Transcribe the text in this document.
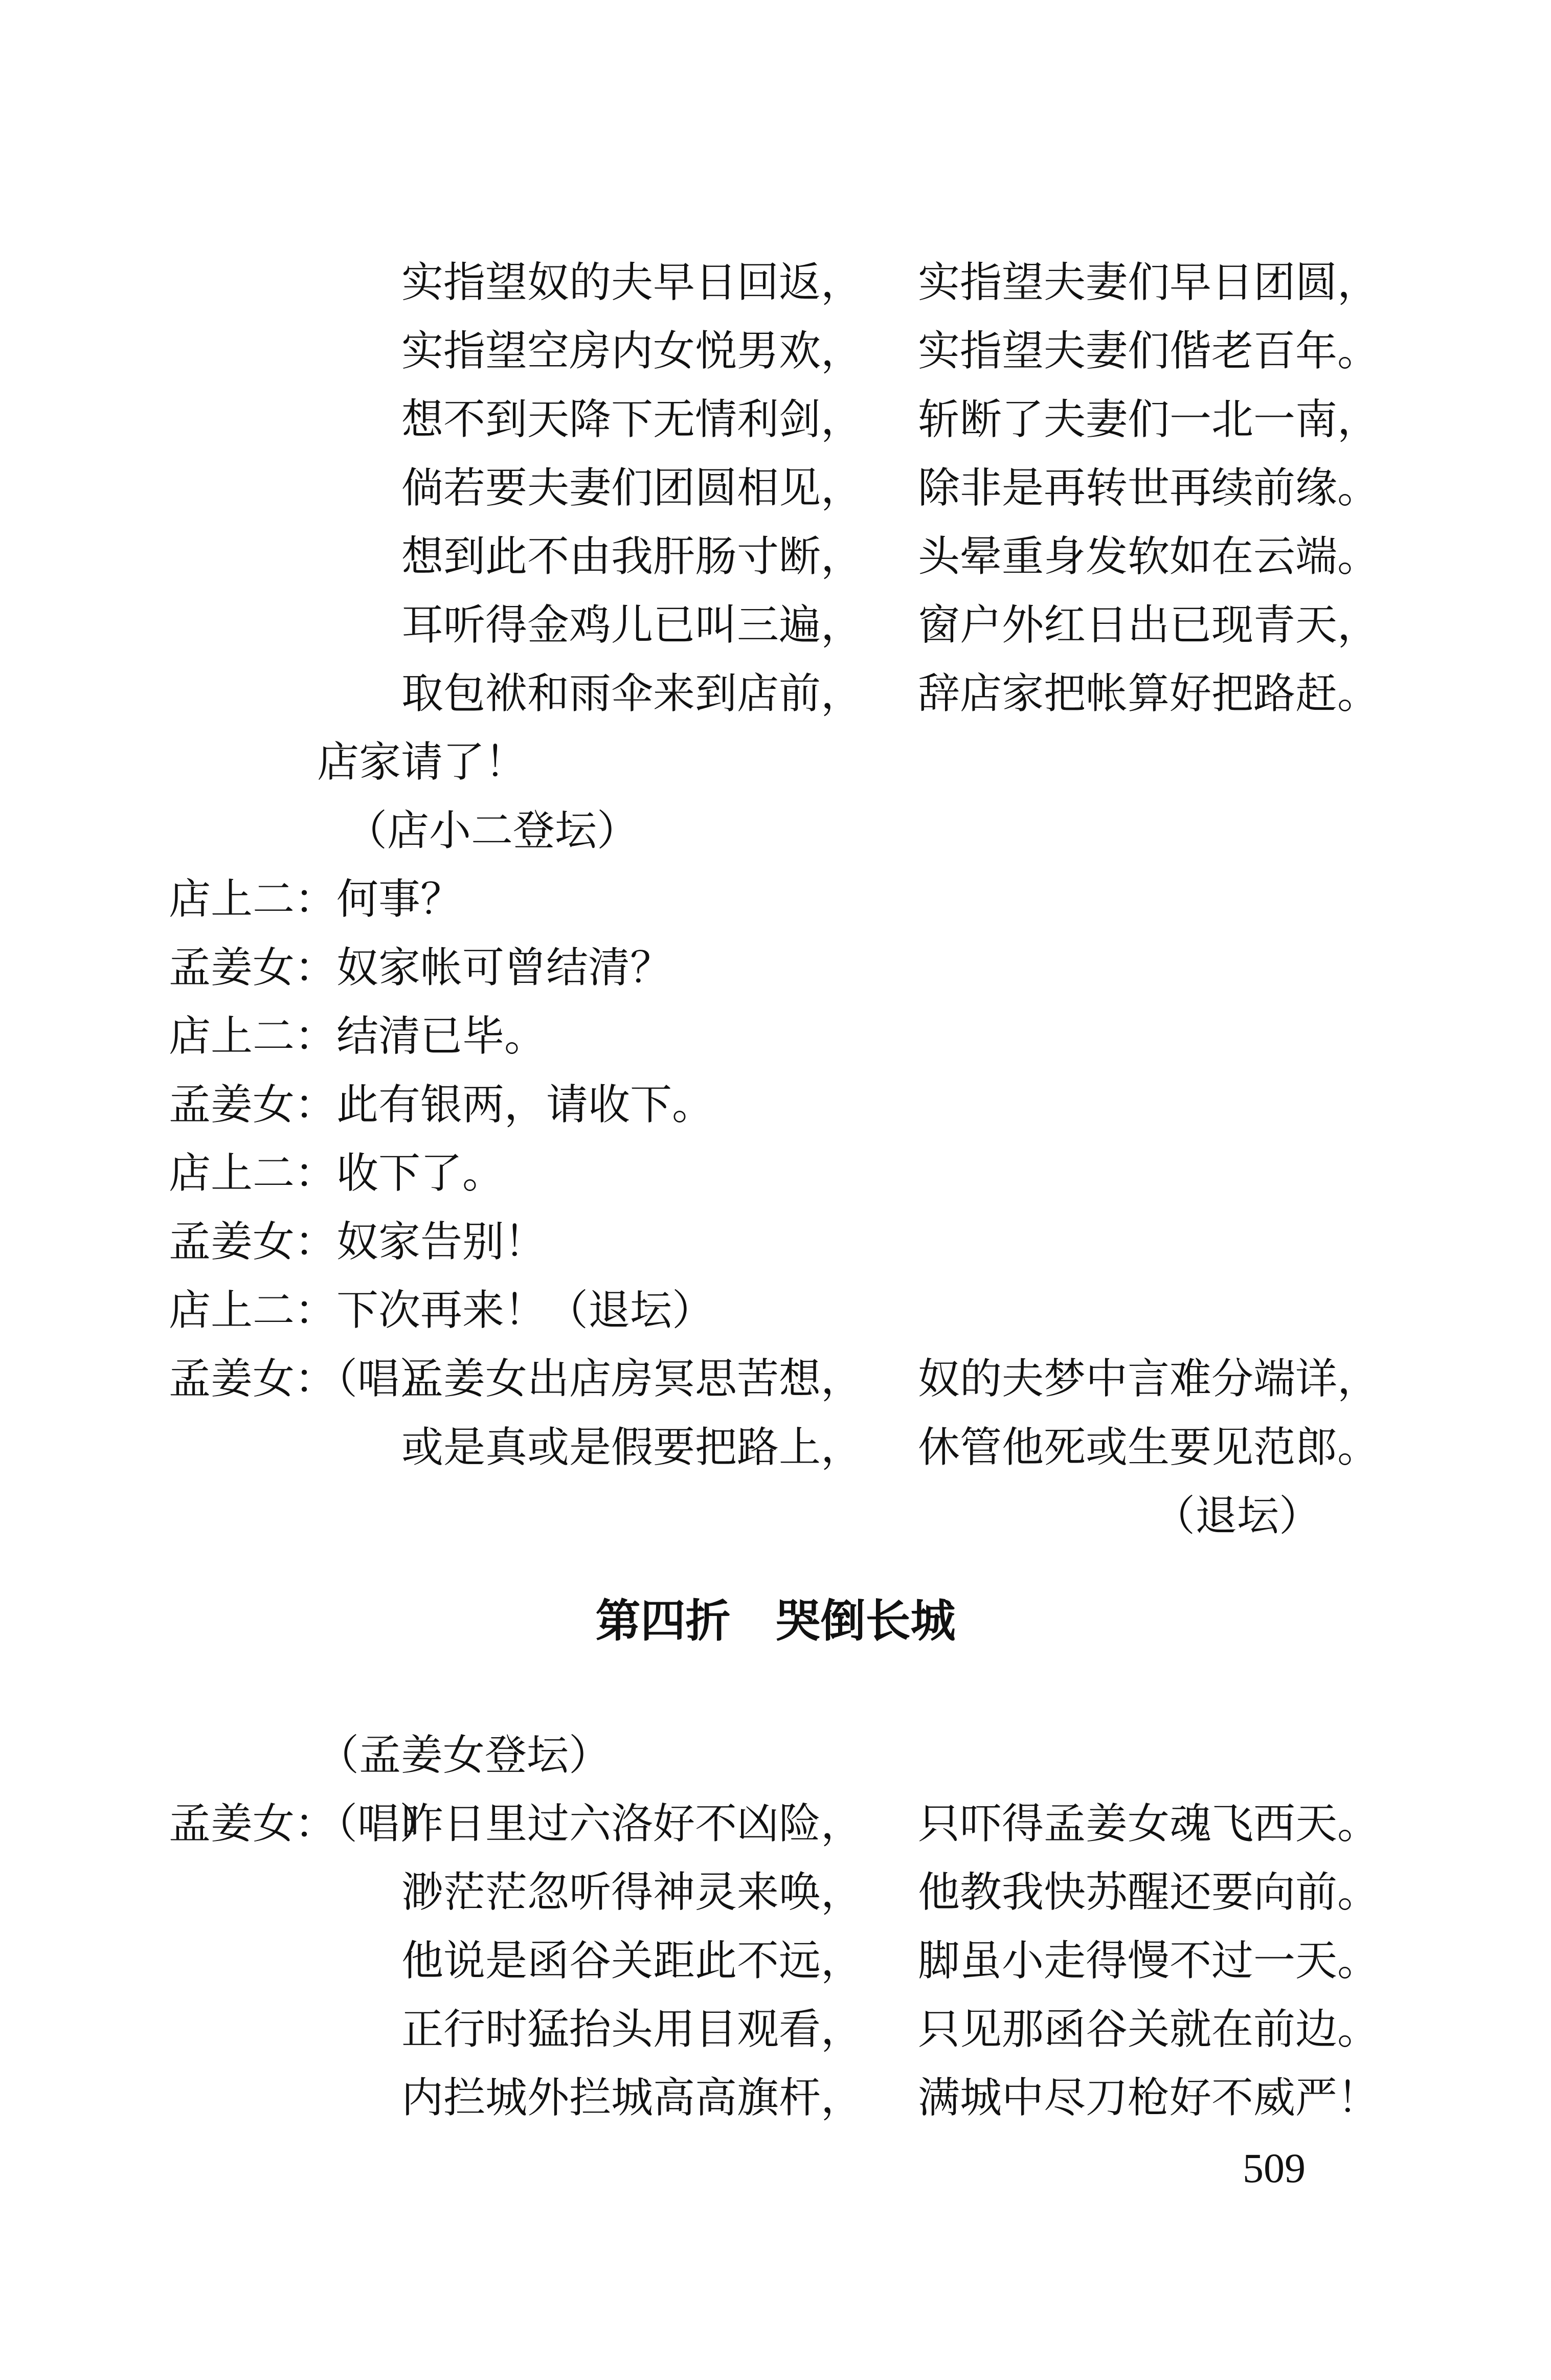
实指望奴的夫早日回返， 实指望夫妻们早日团圆，
实指望空房内女悦男欢， 实指望夫妻们偕老百年。
想不到天降下无情利剑， 斩断了夫妻们一北一南，
倘若要夫妻们团圆相见， 除非是再转世再续前缘。
想到此不由我肝肠寸断， 头晕重身发软如在云端。
耳听得金鸡儿已叫三遍， 窗户外红日出已现青天，
取包袱和雨伞来到店前， 辞店家把帐算好把路赶。
店家请了！
（店小二登坛）
店上二：何事？
孟姜女：奴家帐可曾结清？
店上二：结清已毕。
孟姜女：此有银两，请收下。
店上二：收下了。
孟姜女：奴家告别！
店上二：下次再来！（退坛）
孟姜女：（唱）
孟姜女出店房冥思苦想， 奴的夫梦中言难分端详，
或是真或是假要把路上， 休管他死或生要见范郎。
（退坛）
第四折　哭倒长城
（孟姜女登坛）
孟姜女：（唱）
昨日里过六洛好不凶险， 只吓得孟姜女魂飞西天。
渺茫茫忽听得神灵来唤， 他教我快苏醒还要向前。
他说是函谷关距此不远， 脚虽小走得慢不过一天。
正行时猛抬头用目观看， 只见那函谷关就在前边。
内拦城外拦城高高旗杆， 满城中尽刀枪好不威严！
509
